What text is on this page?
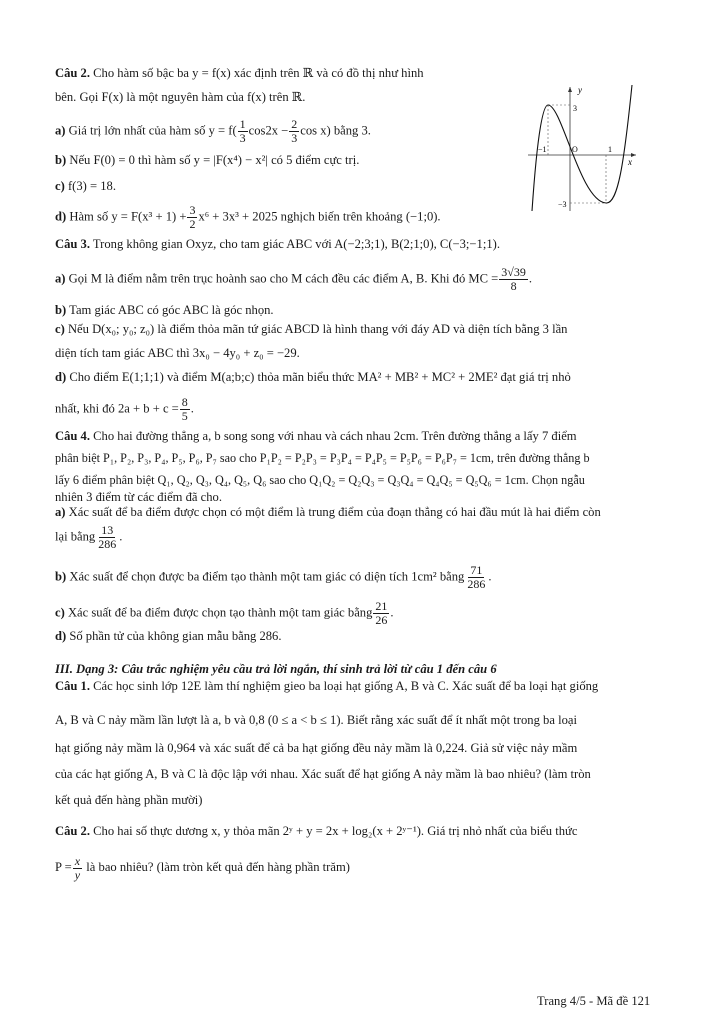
Câu 2. Cho hàm số bậc ba y = f(x) xác định trên ℝ và có đồ thị như hình
bên. Gọi F(x) là một nguyên hàm của f(x) trên ℝ.
a) Giá trị lớn nhất của hàm số $y = f( \frac{1}{3} \cos 2x - \frac{2}{3}$ cos x) bằng 3.
b) Nếu F(0) = 0 thì hàm số y = |F(x⁴) − x²| có 5 điểm cực trị.
c) f(3) = 18.
d) Hàm số $y = F(x^3 + 1) + \frac{3}{2} x^6 + 3x^3 + 2025$ nghịch biến trên khoảng (−1;0).
y
x
O
3
−3
−1	1
Câu 3. Trong không gian Oxyz, cho tam giác ABC với A(−2;3;1), B(2;1;0), C(−3;−1;1).
a) Gọi M là điểm nằm trên trục hoành sao cho M cách đều các điểm A, B. Khi đó MC = $\frac{3√39}{8}$ .
b) Tam giác ABC có góc ABC là góc nhọn.
c) Nếu D(x₀; y₀; z₀) là điểm thỏa mãn tứ giác ABCD là hình thang với đáy AD và diện tích bằng 3 lần
diện tích tam giác ABC thì 3x₀ − 4y₀ + z₀ = −29.
d) Cho điểm E(1;1;1) và điểm M(a;b;c) thỏa mãn biểu thức MA² + MB² + MC² + 2ME² đạt giá trị nhỏ
nhất, khi đó $2a + b + c = \frac{8}{5}$ .
Câu 4. Cho hai đường thẳng a, b song song với nhau và cách nhau 2cm. Trên đường thẳng a lấy 7 điểm
phân biệt P₁, P₂, P₃, P₄, P₅, P₆, P₇ sao cho P₁P₂ = P₂P₃ = P₃P₄ = P₄P₅ = P₅P₆ = P₆P₇ = 1cm, trên đường thẳng b
lấy 6 điểm phân biệt Q₁, Q₂, Q₃, Q₄, Q₅, Q₆ sao cho Q₁Q₂ = Q₂Q₃ = Q₃Q₄ = Q₄Q₅ = Q₅Q₆ = 1cm. Chọn ngẫu
nhiên 3 điểm từ các điểm đã cho.
a) Xác suất để ba điểm được chọn có một điểm là trung điểm của đoạn thẳng có hai đầu mút là hai điểm còn
lại bằng $\frac{13}{286}$ .
b) Xác suất để chọn được ba điểm tạo thành một tam giác có diện tích 1cm² bằng $\frac{71}{286}$ .
c) Xác suất để ba điểm được chọn tạo thành một tam giác bằng $\frac{21}{26}$ .
d) Số phần tử của không gian mẫu bằng 286.
III. Dạng 3: Câu trắc nghiệm yêu cầu trả lời ngắn, thí sinh trả lời từ câu 1 đến câu 6
Câu 1. Các học sinh lớp 12E làm thí nghiệm gieo ba loại hạt giống A, B và C. Xác suất để ba loại hạt giống
A, B và C nảy mầm lần lượt là a, b và 0,8 (0 ≤ a < b ≤ 1). Biết rằng xác suất để ít nhất một trong ba loại
hạt giống nảy mầm là 0,964 và xác suất để cả ba hạt giống đều nảy mầm là 0,224. Giả sử việc nảy mầm
của các hạt giống A, B và C là độc lập với nhau. Xác suất để hạt giống A nảy mầm là bao nhiêu? (làm tròn
kết quả đến hàng phần mười)
Câu 2. Cho hai số thực dương x, y thỏa mãn 2ʸ + y = 2x + log₂(x + 2ʸ⁻¹). Giá trị nhỏ nhất của biểu thức
$P = \frac{x}{y}$ là bao nhiêu? (làm tròn kết quả đến hàng phần trăm)
Trang 4/5 - Mã đề 121
